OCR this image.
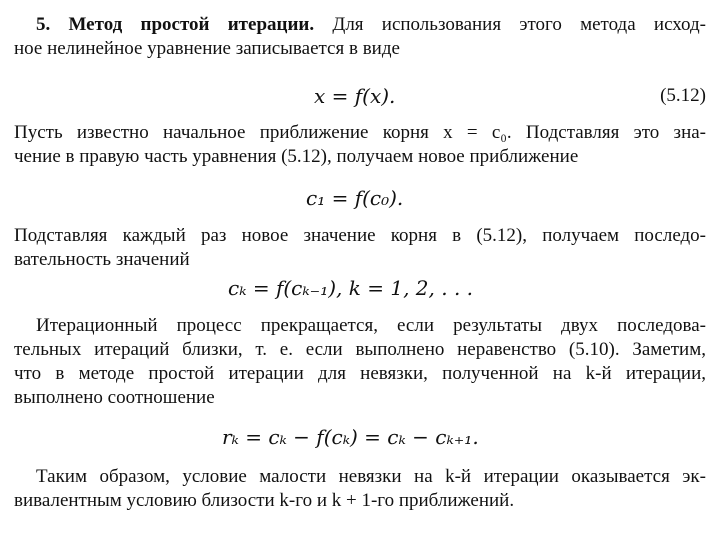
5. Метод простой итерации. Для использования этого метода исход-
ное нелинейное уравнение записывается в виде
x = f(x).	(5.12)
Пусть известно начальное приближение корня x = c₀. Подставляя это зна-
чение в правую часть уравнения (5.12), получаем новое приближение
c₁ = f(c₀).
Подставляя каждый раз новое значение корня в (5.12), получаем последо-
вательность значений
cₖ = f(cₖ₋₁), k = 1, 2, . . .
Итерационный процесс прекращается, если результаты двух последова-
тельных итераций близки, т. е. если выполнено неравенство (5.10). Заметим,
что в методе простой итерации для невязки, полученной на k-й итерации,
выполнено соотношение
rₖ = cₖ − f(cₖ) = cₖ − cₖ₊₁.
Таким образом, условие малости невязки на k-й итерации оказывается эк-
вивалентным условию близости k-го и k + 1-го приближений.
